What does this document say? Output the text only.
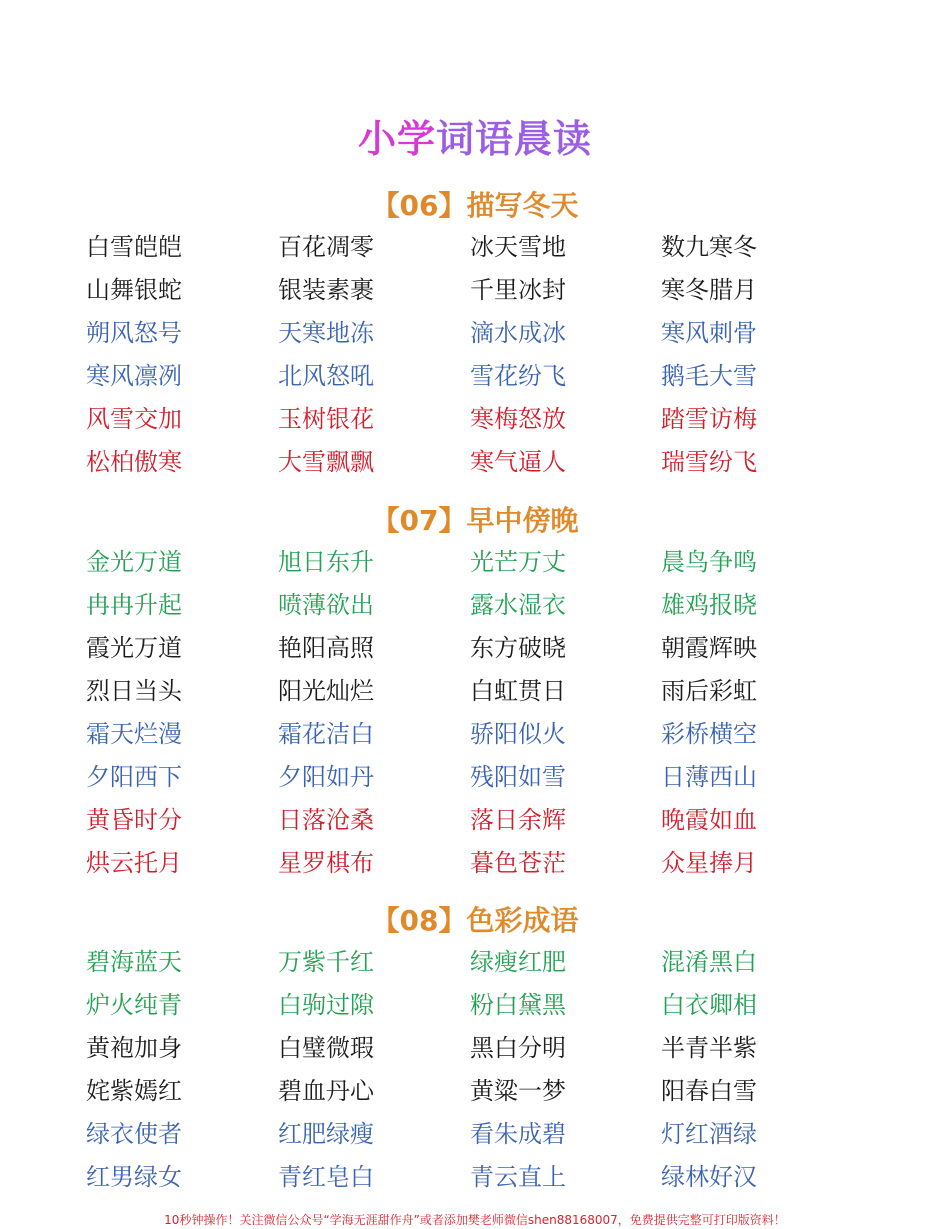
小学词语晨读
【06】描写冬天
白雪皑皑	百花凋零	冰天雪地	数九寒冬
山舞银蛇	银装素裹	千里冰封	寒冬腊月
朔风怒号	天寒地冻	滴水成冰	寒风刺骨
寒风凛冽	北风怒吼	雪花纷飞	鹅毛大雪
风雪交加	玉树银花	寒梅怒放	踏雪访梅
松柏傲寒	大雪飘飘	寒气逼人	瑞雪纷飞
【07】早中傍晚
金光万道	旭日东升	光芒万丈	晨鸟争鸣
冉冉升起	喷薄欲出	露水湿衣	雄鸡报晓
霞光万道	艳阳高照	东方破晓	朝霞辉映
烈日当头	阳光灿烂	白虹贯日	雨后彩虹
霜天烂漫	霜花洁白	骄阳似火	彩桥横空
夕阳西下	夕阳如丹	残阳如雪	日薄西山
黄昏时分	日落沧桑	落日余辉	晚霞如血
烘云托月	星罗棋布	暮色苍茫	众星捧月
【08】色彩成语
碧海蓝天	万紫千红	绿瘦红肥	混淆黑白
炉火纯青	白驹过隙	粉白黛黑	白衣卿相
黄袍加身	白璧微瑕	黑白分明	半青半紫
姹紫嫣红	碧血丹心	黄粱一梦	阳春白雪
绿衣使者	红肥绿瘦	看朱成碧	灯红酒绿
红男绿女	青红皂白	青云直上	绿林好汉
10秒钟操作！关注微信公众号“学海无涯甜作舟”或者添加樊老师微信shen88168007，免费提供完整可打印版资料！
